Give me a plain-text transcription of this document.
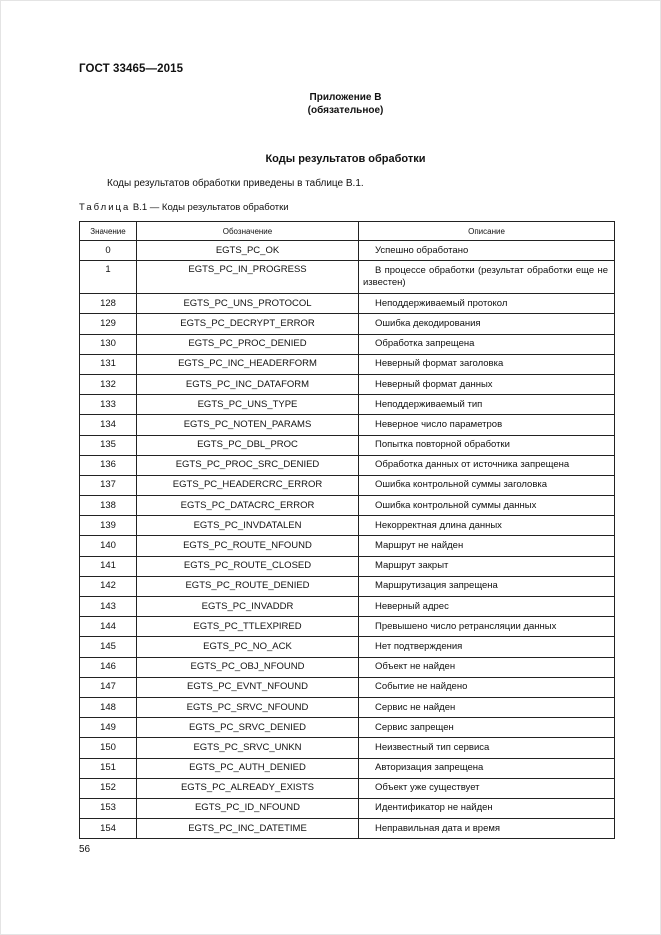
ГОСТ 33465—2015
Приложение В
(обязательное)
Коды результатов обработки
Коды результатов обработки приведены в таблице В.1.
Таблица В.1 — Коды результатов обработки
Значение	Обозначение	Описание
0	EGTS_PC_OK	Успешно обработано
1	EGTS_PC_IN_PROGRESS	В процессе обработки (результат обработки еще не известен)
128	EGTS_PC_UNS_PROTOCOL	Неподдерживаемый протокол
129	EGTS_PC_DECRYPT_ERROR	Ошибка декодирования
130	EGTS_PC_PROC_DENIED	Обработка запрещена
131	EGTS_PC_INC_HEADERFORM	Неверный формат заголовка
132	EGTS_PC_INC_DATAFORM	Неверный формат данных
133	EGTS_PC_UNS_TYPE	Неподдерживаемый тип
134	EGTS_PC_NOTEN_PARAMS	Неверное число параметров
135	EGTS_PC_DBL_PROC	Попытка повторной обработки
136	EGTS_PC_PROC_SRC_DENIED	Обработка данных от источника запрещена
137	EGTS_PC_HEADERCRC_ERROR	Ошибка контрольной суммы заголовка
138	EGTS_PC_DATACRC_ERROR	Ошибка контрольной суммы данных
139	EGTS_PC_INVDATALEN	Некорректная длина данных
140	EGTS_PC_ROUTE_NFOUND	Маршрут не найден
141	EGTS_PC_ROUTE_CLOSED	Маршрут закрыт
142	EGTS_PC_ROUTE_DENIED	Маршрутизация запрещена
143	EGTS_PC_INVADDR	Неверный адрес
144	EGTS_PC_TTLEXPIRED	Превышено число ретрансляции данных
145	EGTS_PC_NO_ACK	Нет подтверждения
146	EGTS_PC_OBJ_NFOUND	Объект не найден
147	EGTS_PC_EVNT_NFOUND	Событие не найдено
148	EGTS_PC_SRVC_NFOUND	Сервис не найден
149	EGTS_PC_SRVC_DENIED	Сервис запрещен
150	EGTS_PC_SRVC_UNKN	Неизвестный тип сервиса
151	EGTS_PC_AUTH_DENIED	Авторизация запрещена
152	EGTS_PC_ALREADY_EXISTS	Объект уже существует
153	EGTS_PC_ID_NFOUND	Идентификатор не найден
154	EGTS_PC_INC_DATETIME	Неправильная дата и время
56
